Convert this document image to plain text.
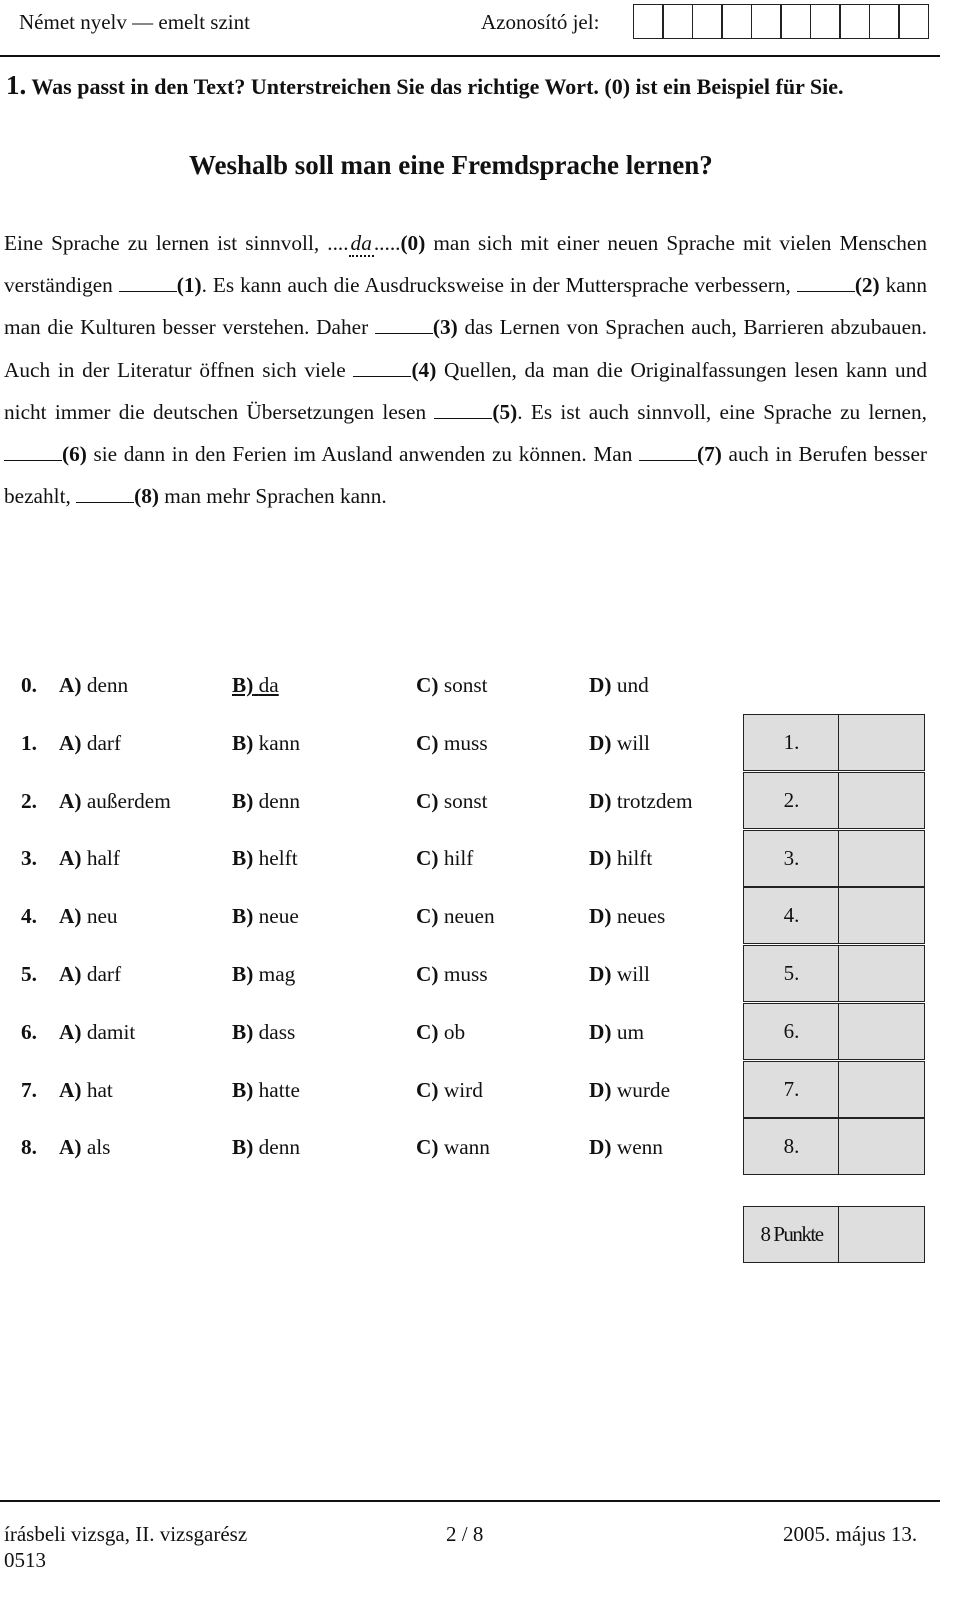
Német nyelv — emelt szint	Azonosító jel:
1. Was passt in den Text? Unterstreichen Sie das richtige Wort. (0) ist ein Beispiel für Sie.
Weshalb soll man eine Fremdsprache lernen?
Eine Sprache zu lernen ist sinnvoll, ....da.....(0) man sich mit einer neuen Sprache mit vielen Menschen verständigen	(1). Es kann auch die Ausdrucksweise in der Muttersprache verbessern,	(2) kann man die Kulturen besser verstehen. Daher	(3) das Lernen von Sprachen auch, Barrieren abzubauen. Auch in der Literatur öffnen sich viele	(4) Quellen, da man die Originalfassungen lesen kann und nicht immer die deutschen Übersetzungen lesen	(5). Es ist auch sinnvoll, eine Sprache zu lernen, (6) sie dann in den Ferien im Ausland anwenden zu können. Man	(7) auch in Berufen besser bezahlt,	(8) man mehr Sprachen kann.
0. A) denn	B) da	C) sonst	D) und
1. A) darf	B) kann	C) muss	D) will
2. A) außerdem	B) denn	C) sonst	D) trotzdem
3. A) half	B) helft	C) hilf	D) hilft
4. A) neu	B) neue	C) neuen	D) neues
5. A) darf	B) mag	C) muss	D) will
6. A) damit	B) dass	C) ob	D) um
7. A) hat	B) hatte	C) wird	D) wurde
8. A) als	B) denn	C) wann	D) wenn
1.
2.
3.
4.
5.
6.
7.
8.
8 Punkte
írásbeli vizsga, II. vizsgarész	2 / 8	2005. május 13.
0513
